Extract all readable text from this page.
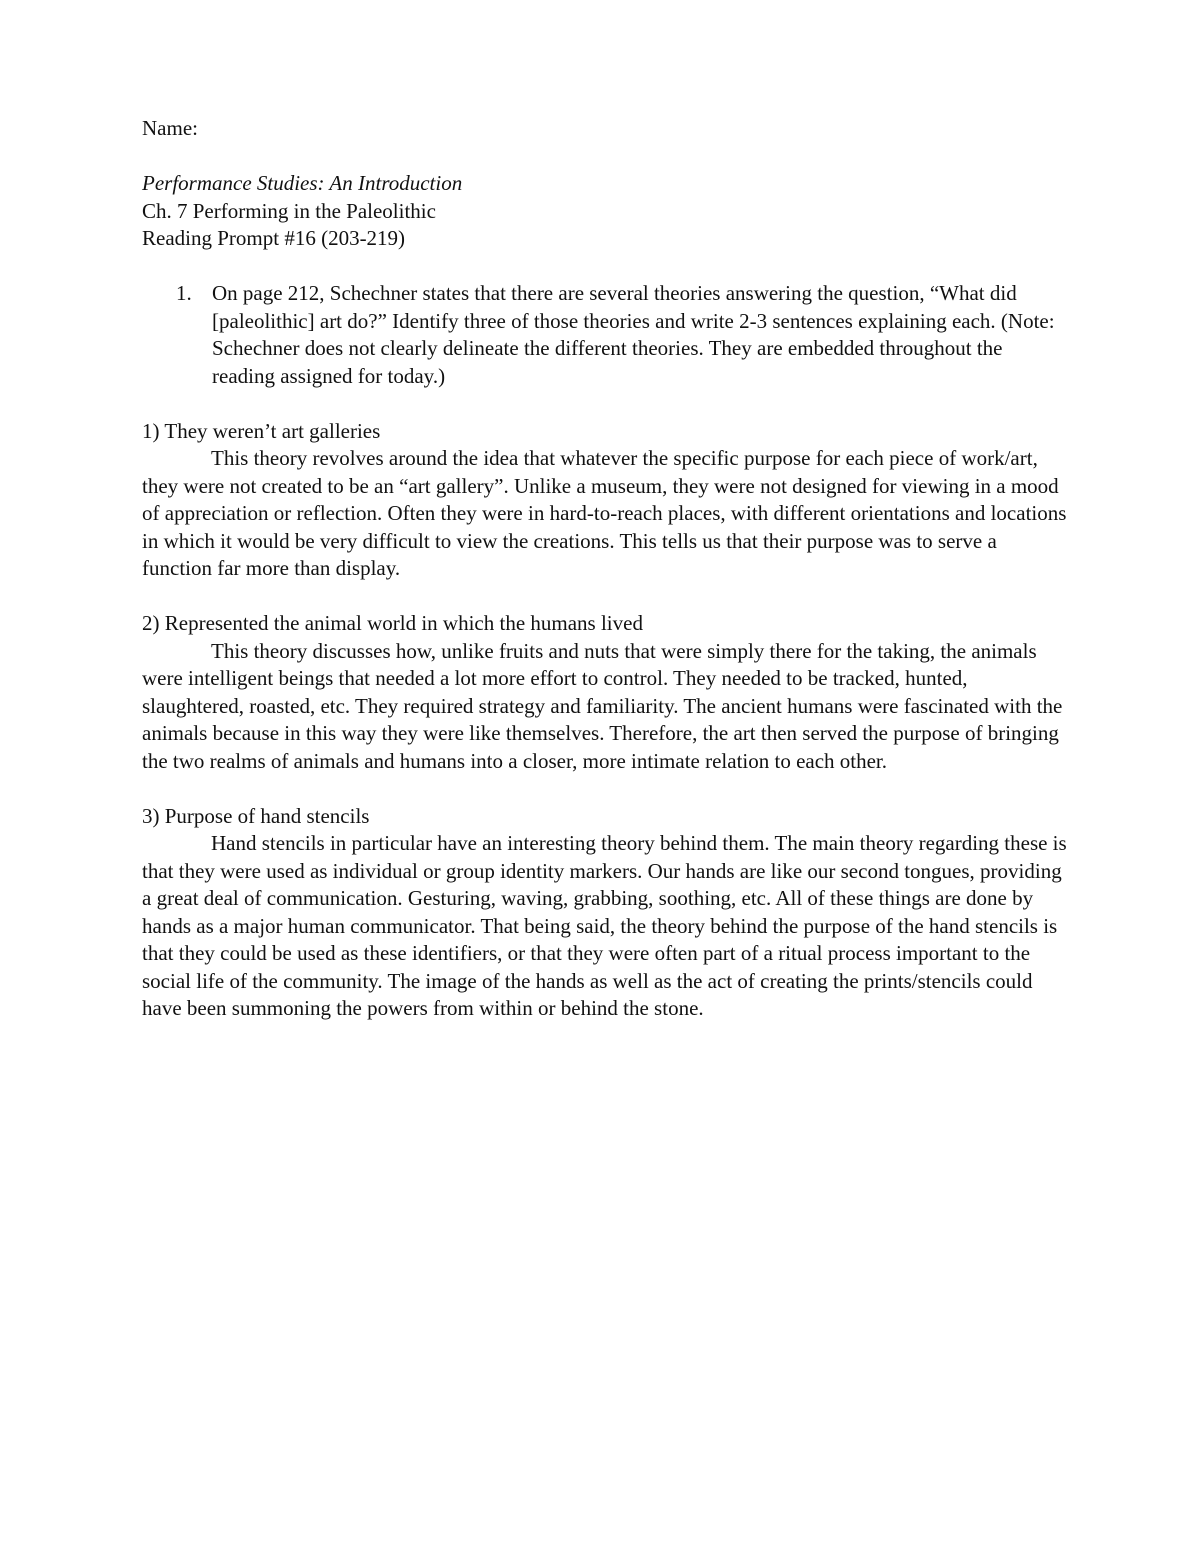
Name:
Performance Studies: An Introduction
Ch. 7 Performing in the Paleolithic
Reading Prompt #16 (203-219)
1. On page 212, Schechner states that there are several theories answering the question, “What did [paleolithic] art do?” Identify three of those theories and write 2-3 sentences explaining each. (Note: Schechner does not clearly delineate the different theories. They are embedded throughout the reading assigned for today.)
1) They weren’t art galleries

This theory revolves around the idea that whatever the specific purpose for each piece of work/art, they were not created to be an “art gallery”. Unlike a museum, they were not designed for viewing in a mood of appreciation or reflection. Often they were in hard-to-reach places, with different orientations and locations in which it would be very difficult to view the creations. This tells us that their purpose was to serve a function far more than display.

2) Represented the animal world in which the humans lived

This theory discusses how, unlike fruits and nuts that were simply there for the taking, the animals were intelligent beings that needed a lot more effort to control. They needed to be tracked, hunted, slaughtered, roasted, etc. They required strategy and familiarity. The ancient humans were fascinated with the animals because in this way they were like themselves. Therefore, the art then served the purpose of bringing the two realms of animals and humans into a closer, more intimate relation to each other.

3) Purpose of hand stencils

Hand stencils in particular have an interesting theory behind them. The main theory regarding these is that they were used as individual or group identity markers. Our hands are like our second tongues, providing a great deal of communication. Gesturing, waving, grabbing, soothing, etc. All of these things are done by hands as a major human communicator. That being said, the theory behind the purpose of the hand stencils is that they could be used as these identifiers, or that they were often part of a ritual process important to the social life of the community. The image of the hands as well as the act of creating the prints/stencils could have been summoning the powers from within or behind the stone.
